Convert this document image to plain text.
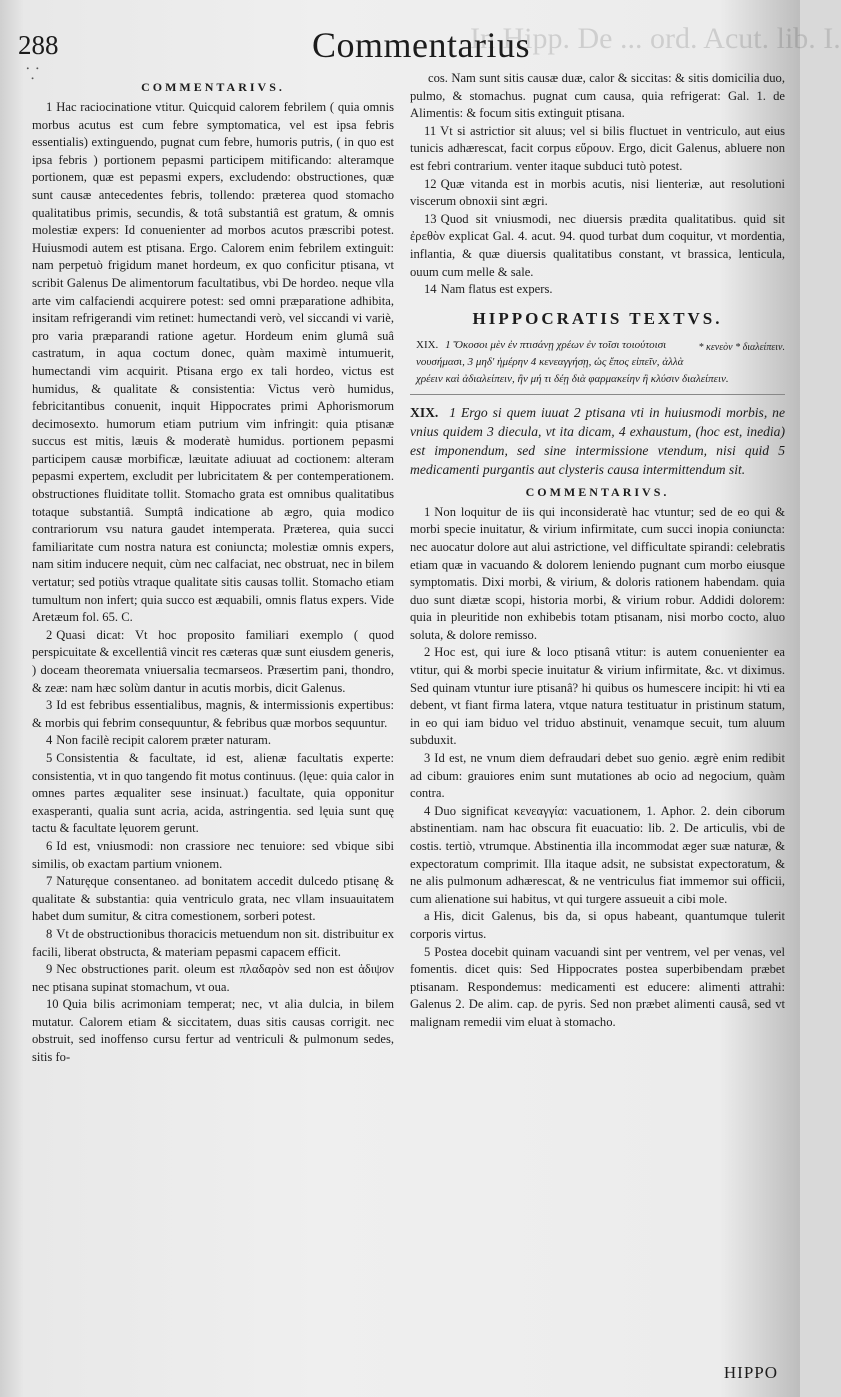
In Hipp. De ... ord. Acut. lib. I.
288	Commentarius
⸪
COMMENTARIVS.

1 Hac raciocinatione vtitur. Quicquid calorem febrilem ( quia omnis morbus acutus est cum febre symptomatica, vel est ipsa febris essentialis) extinguendo, pugnat cum febre, humoris putris, ( in quo est ipsa febris ) portionem pepasmi participem mitificando: alteramque portionem, quæ est pepasmi expers, excludendo: obstructiones, quæ sunt causæ antecedentes febris, tollendo: præterea quod stomacho qualitatibus primis, secundis, & totâ substantiâ est gratum, & omnis molestiæ expers: Id conuenienter ad morbos acutos præscribi potest. Huiusmodi autem est ptisana. Ergo. Calorem enim febrilem extinguit: nam perpetuò frigidum manet hordeum, ex quo conficitur ptisana, vt scribit Galenus De alimentorum facultatibus, vbi De hordeo. neque vlla arte vim calfaciendi acquirere potest: sed omni præparatione adhibita, insitam refrigerandi vim retinet: humectandi verò, vel siccandi vi variè, pro varia præparandi ratione agetur. Hordeum enim glumâ suâ castratum, in aqua coctum donec, quàm maximè intumuerit, humectandi vim acquirit. Ptisana ergo ex tali hordeo, victus est humidus, & qualitate & consistentia: Victus verò humidus, febricitantibus conuenit, inquit Hippocrates primi Aphorismorum decimosexto. humorum etiam putrium vim infringit: quia ptisanæ succus est mitis, læuis & moderatè humidus. portionem pepasmi participem causæ morbificæ, læuitate adiuuat ad coctionem: alteram pepasmi expertem, excludit per lubricitatem & per contemperationem. obstructiones fluiditate tollit. Stomacho grata est omnibus qualitatibus totaque substantiâ. Sumptâ indicatione ab ægro, quia modico contrariorum vsu natura gaudet intemperata. Præterea, quia succi familiaritate cum nostra natura est coniuncta; molestiæ omnis expers, nam sitim inducere nequit, cùm nec calfaciat, nec obstruat, nec in bilem vertatur; sed potiùs vtraque qualitate sitis causas tollit. Stomacho etiam tumultum non infert; quia succo est æquabili, omnis flatus expers. Vide Aretæum fol. 65. C.

2 Quasi dicat: Vt hoc proposito familiari exemplo ( quod perspicuitate & excellentiâ vincit res cæteras quæ sunt eiusdem generis, ) doceam theoremata vniuersalia tecmarseos. Præsertim pani, thondro, & zeæ: nam hæc solùm dantur in acutis morbis, dicit Galenus.

3 Id est febribus essentialibus, magnis, & intermissionis expertibus: & morbis qui febrim consequuntur, & febribus quæ morbos sequuntur.

4 Non facilè recipit calorem præter naturam.

5 Consistentia & facultate, id est, alienæ facultatis experte: consistentia, vt in quo tangendo fit motus continuus. (lęue: quia calor in omnes partes æqualiter sese insinuat.) facultate, quia opponitur exasperanti, qualia sunt acria, acida, astringentia. sed lęuia sunt quę tactu & facultate lęuorem gerunt.

6 Id est, vniusmodi: non crassiore nec tenuiore: sed vbique sibi similis, ob exactam partium vnionem.

7 Naturęque consentaneo. ad bonitatem accedit dulcedo ptisanę & qualitate & substantia: quia ventriculo grata, nec vllam insuauitatem habet dum sumitur, & citra comestionem, sorberi potest.

8 Vt de obstructionibus thoracicis metuendum non sit. distribuitur ex facili, liberat obstructa, & materiam pepasmi capacem efficit.

9 Nec obstructiones parit. oleum est πλαδαρὸν sed non est ἀδιψον nec ptisana supinat stomachum, vt oua.

10 Quia bilis acrimoniam temperat; nec, vt alia dulcia, in bilem mutatur. Calorem etiam & siccitatem, duas sitis causas corrigit. nec obstruit, sed inoffenso cursu fertur ad ventriculi & pulmonum sedes, sitis fo-

cos. Nam sunt sitis causæ duæ, calor & siccitas: & sitis domicilia duo, pulmo, & stomachus. pugnat cum causa, quia refrigerat: Gal. 1. de Alimentis: & focum sitis extinguit ptisana.

11 Vt si astrictior sit aluus; vel si bilis fluctuet in ventriculo, aut eius tunicis adhærescat, facit corpus εὔρουν. Ergo, dicit Galenus, abluere non est febri contrarium. venter itaque subduci tutò potest.

12 Quæ vitanda est in morbis acutis, nisi lienteriæ, aut resolutioni viscerum obnoxii sint ægri.

13 Quod sit vniusmodi, nec diuersis prædita qualitatibus. quid sit ἐρεθὸν explicat Gal. 4. acut. 94. quod turbat dum coquitur, vt mordentia, inflantia, & quæ diuersis qualitatibus constant, vt brassica, lenticula, ouum cum melle & sale.

14 Nam flatus est expers.

HIPPOCRATIS TEXTVS.
* κενεὸν * διαλείπειν.
XIX. 1 Ὅκοσοι μὲν ἐν πτισάνῃ χρέων ἐν τοῖσι τοιούτοισι νουσήμασι, 3 μηδ' ἡμέρην 4 κενεαγγήσῃ, ὡς ἔπος εἰπεῖν, ἀλλὰ χρέειν καὶ ἀδιαλείπειν, ἢν μή τι δέῃ διὰ φαρμακείην ἢ κλύσιν διαλείπειν.
XIX. 1 Ergo si quem iuuat 2 ptisana vti in huiusmodi morbis, ne vnius quidem 3 diecula, vt ita dicam, 4 exhaustum, (hoc est, inedia) est imponendum, sed sine intermissione vtendum, nisi quid 5 medicamenti purgantis aut clysteris causa intermittendum sit.
COMMENTARIVS.

1 Non loquitur de iis qui inconsideratè hac vtuntur; sed de eo qui & morbi specie inuitatur, & virium infirmitate, cum succi inopia coniuncta: nec auocatur dolore aut alui astrictione, vel difficultate spirandi: celebratis etiam quæ in vacuando & dolorem leniendo pugnant cum morbo eiusque symptomatis. Dixi morbi, & virium, & doloris rationem habendam. quia duo sunt diætæ scopi, historia morbi, & virium robur. Addidi dolorem: quia in pleuritide non exhibebis totam ptisanam, nisi morbo cocto, aluo soluta, & dolore remisso.

2 Hoc est, qui iure & loco ptisanâ vtitur: is autem conuenienter ea vtitur, qui & morbi specie inuitatur & virium infirmitate, &c. vt diximus. Sed quinam vtuntur iure ptisanâ? hi quibus os humescere incipit: hi vti ea debent, vt fiant firma latera, vtque natura testituatur in pristinum statum, in eo qui iam biduo vel triduo abstinuit, venamque secuit, tum aluum subduxit.

3 Id est, ne vnum diem defraudari debet suo genio. ægrè enim redibit ad cibum: grauiores enim sunt mutationes ab ocio ad negocium, quàm contra.

4 Duo significat κενεαγγία: vacuationem, 1. Aphor. 2. dein ciborum abstinentiam. nam hac obscura fit euacuatio: lib. 2. De articulis, vbi de costis. tertiò, vtrumque. Abstinentia illa incommodat æger suæ naturæ, & expectoratum comprimit. Illa itaque adsit, ne subsistat expectoratum, & ne alis pulmonum adhærescat, & ne ventriculus fiat immemor sui officii, cum alienatione sui habitus, vt qui turgere assueuit a cibi mole.

a His, dicit Galenus, bis da, si opus habeant, quantumque tulerit corporis virtus.

5 Postea docebit quinam vacuandi sint per ventrem, vel per venas, vel fomentis. dicet quis: Sed Hippocrates postea superbibendam præbet ptisanam. Respondemus: medicamenti est educere: alimenti attrahi: Galenus 2. De alim. cap. de pyris. Sed non præbet alimenti causâ, sed vt malignam remedii vim eluat à stomacho.

HIPPO
